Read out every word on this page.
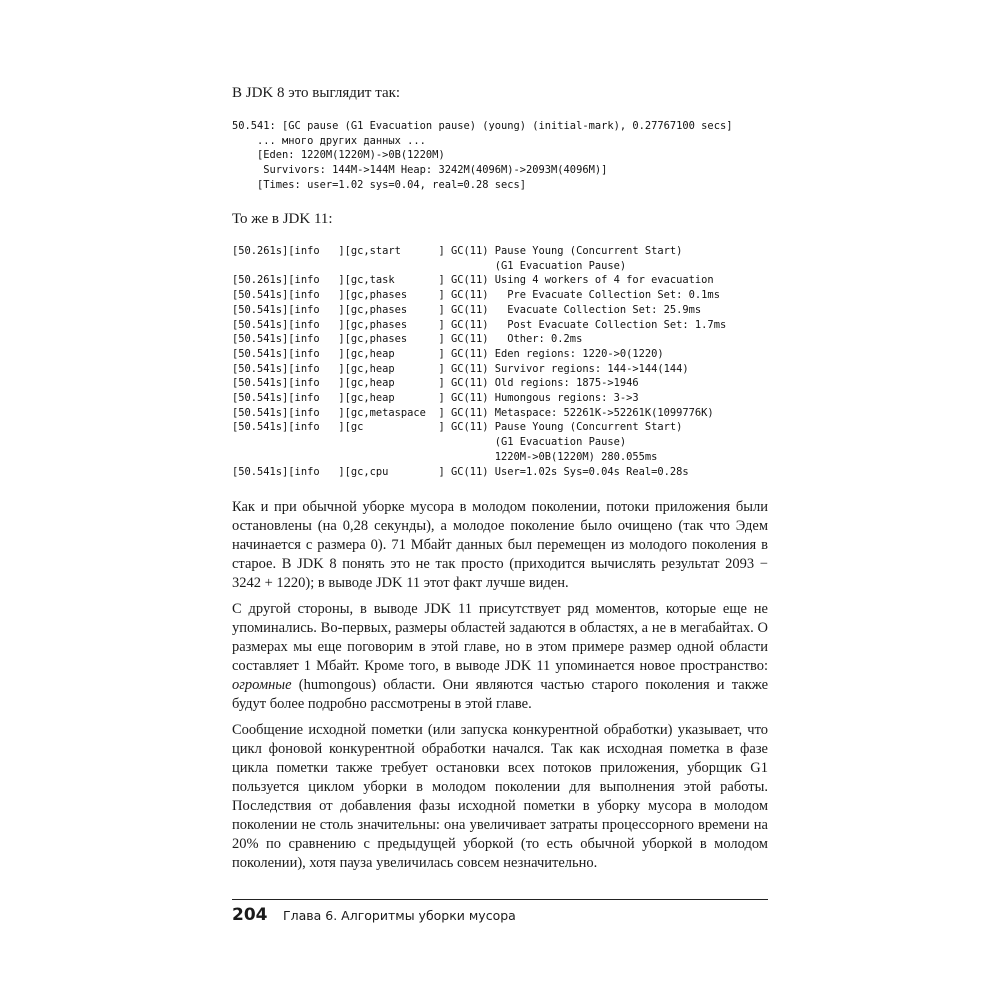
В JDK 8 это выглядит так:
50.541: [GC pause (G1 Evacuation pause) (young) (initial-mark), 0.27767100 secs]
... много других данных ...
[Eden: 1220M(1220M)->0B(1220M)
Survivors: 144M->144M Heap: 3242M(4096M)->2093M(4096M)]
[Times: user=1.02 sys=0.04, real=0.28 secs]
То же в JDK 11:
[50.261s][info   ][gc,start      ] GC(11) Pause Young (Concurrent Start)
(G1 Evacuation Pause)
[50.261s][info   ][gc,task       ] GC(11) Using 4 workers of 4 for evacuation
[50.541s][info   ][gc,phases     ] GC(11)   Pre Evacuate Collection Set: 0.1ms
[50.541s][info   ][gc,phases     ] GC(11)   Evacuate Collection Set: 25.9ms
[50.541s][info   ][gc,phases     ] GC(11)   Post Evacuate Collection Set: 1.7ms
[50.541s][info   ][gc,phases     ] GC(11)   Other: 0.2ms
[50.541s][info   ][gc,heap       ] GC(11) Eden regions: 1220->0(1220)
[50.541s][info   ][gc,heap       ] GC(11) Survivor regions: 144->144(144)
[50.541s][info   ][gc,heap       ] GC(11) Old regions: 1875->1946
[50.541s][info   ][gc,heap       ] GC(11) Humongous regions: 3->3
[50.541s][info   ][gc,metaspace  ] GC(11) Metaspace: 52261K->52261K(1099776K)
[50.541s][info   ][gc            ] GC(11) Pause Young (Concurrent Start)
(G1 Evacuation Pause)
1220M->0B(1220M) 280.055ms
[50.541s][info   ][gc,cpu        ] GC(11) User=1.02s Sys=0.04s Real=0.28s

Как и при обычной уборке мусора в молодом поколении, потоки приложения были остановлены (на 0,28 секунды), а молодое поколение было очищено (так что Эдем начинается с размера 0). 71 Мбайт данных был перемещен из молодого поколения в старое. В JDK 8 понять это не так просто (приходится вычислять результат 2093 − 3242 + 1220); в выводе JDK 11 этот факт лучше виден.

С другой стороны, в выводе JDK 11 присутствует ряд моментов, которые еще не упоминались. Во-первых, размеры областей задаются в областях, а не в мегабайтах. О размерах мы еще поговорим в этой главе, но в этом примере размер одной области составляет 1 Мбайт. Кроме того, в выводе JDK 11 упоминается новое пространство: огромные (humongous) области. Они являются частью старого поколения и также будут более подробно рассмотрены в этой главе.

Сообщение исходной пометки (или запуска конкурентной обработки) указывает, что цикл фоновой конкурентной обработки начался. Так как исходная пометка в фазе цикла пометки также требует остановки всех потоков приложения, уборщик G1 пользуется циклом уборки в молодом поколении для выполнения этой работы. Последствия от добавления фазы исходной пометки в уборку мусора в молодом поколении не столь значительны: она увеличивает затраты процессорного времени на 20% по сравнению с предыдущей уборкой (то есть обычной уборкой в молодом поколении), хотя пауза увеличилась совсем незначительно.

204 Глава 6. Алгоритмы уборки мусора
